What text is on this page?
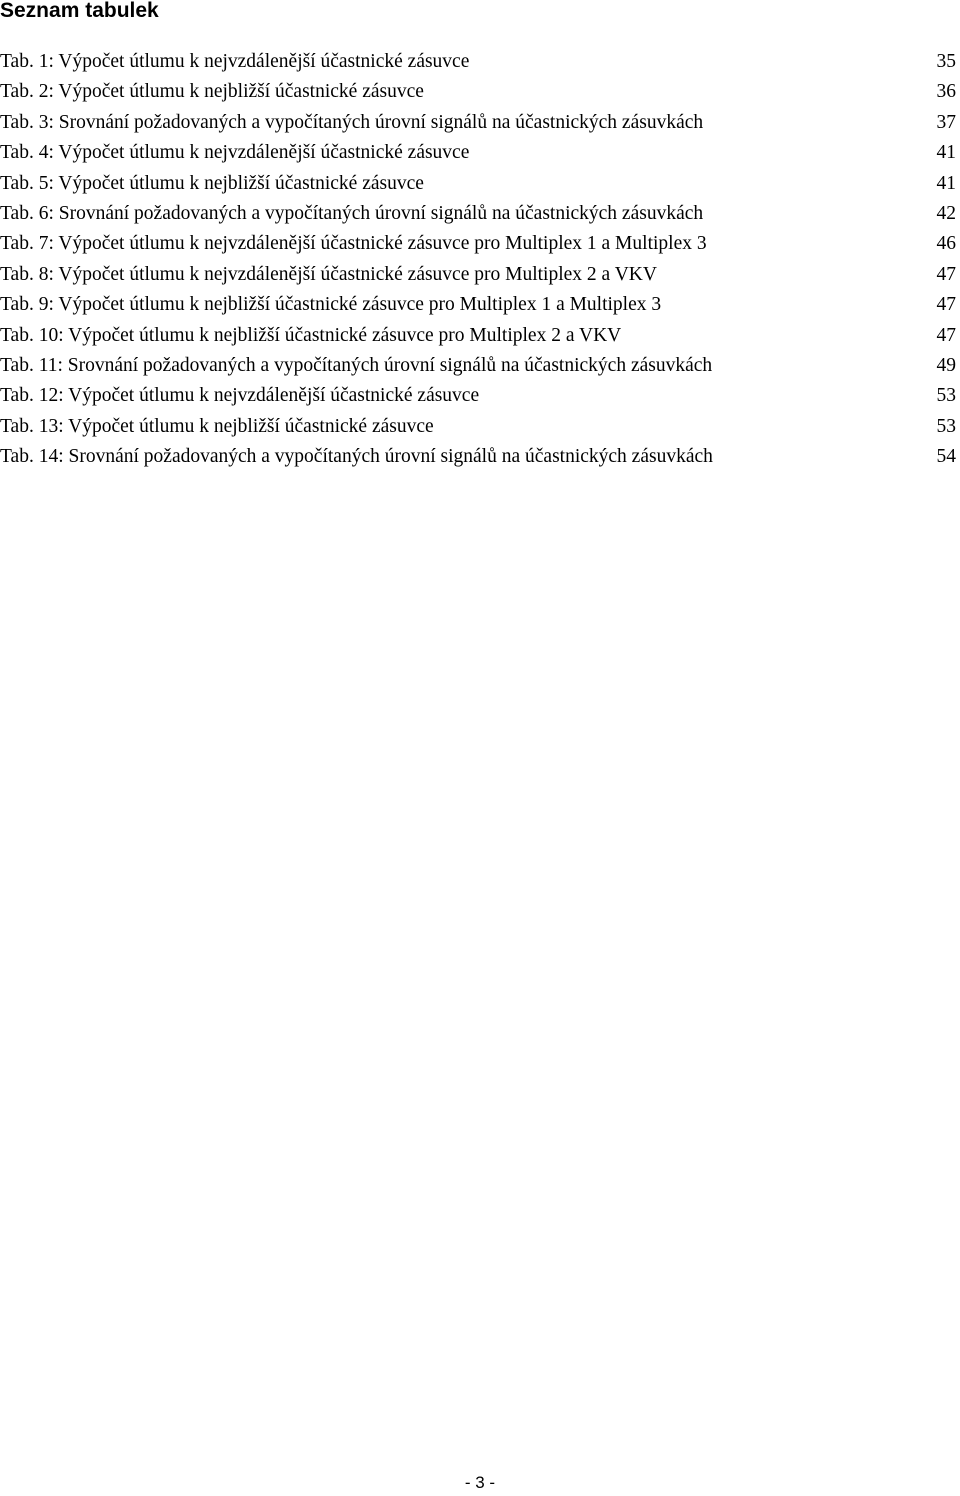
Seznam tabulek
Tab. 1: Výpočet útlumu k nejvzdálenější účastnické zásuvce	35
Tab. 2: Výpočet útlumu k nejbližší účastnické zásuvce	36
Tab. 3: Srovnání požadovaných a vypočítaných úrovní signálů na účastnických zásuvkách	37
Tab. 4: Výpočet útlumu k nejvzdálenější účastnické zásuvce	41
Tab. 5: Výpočet útlumu k nejbližší účastnické zásuvce	41
Tab. 6: Srovnání požadovaných a vypočítaných úrovní signálů na účastnických zásuvkách	42
Tab. 7: Výpočet útlumu k nejvzdálenější účastnické zásuvce pro Multiplex 1 a Multiplex 3	46
Tab. 8: Výpočet útlumu k nejvzdálenější účastnické zásuvce pro Multiplex 2 a VKV	47
Tab. 9: Výpočet útlumu k nejbližší účastnické zásuvce pro Multiplex 1 a Multiplex 3	47
Tab. 10: Výpočet útlumu k nejbližší účastnické zásuvce pro Multiplex 2 a VKV	47
Tab. 11: Srovnání požadovaných a vypočítaných úrovní signálů na účastnických zásuvkách	49
Tab. 12: Výpočet útlumu k nejvzdálenější účastnické zásuvce	53
Tab. 13: Výpočet útlumu k nejbližší účastnické zásuvce	53
Tab. 14: Srovnání požadovaných a vypočítaných úrovní signálů na účastnických zásuvkách	54
- 3 -
